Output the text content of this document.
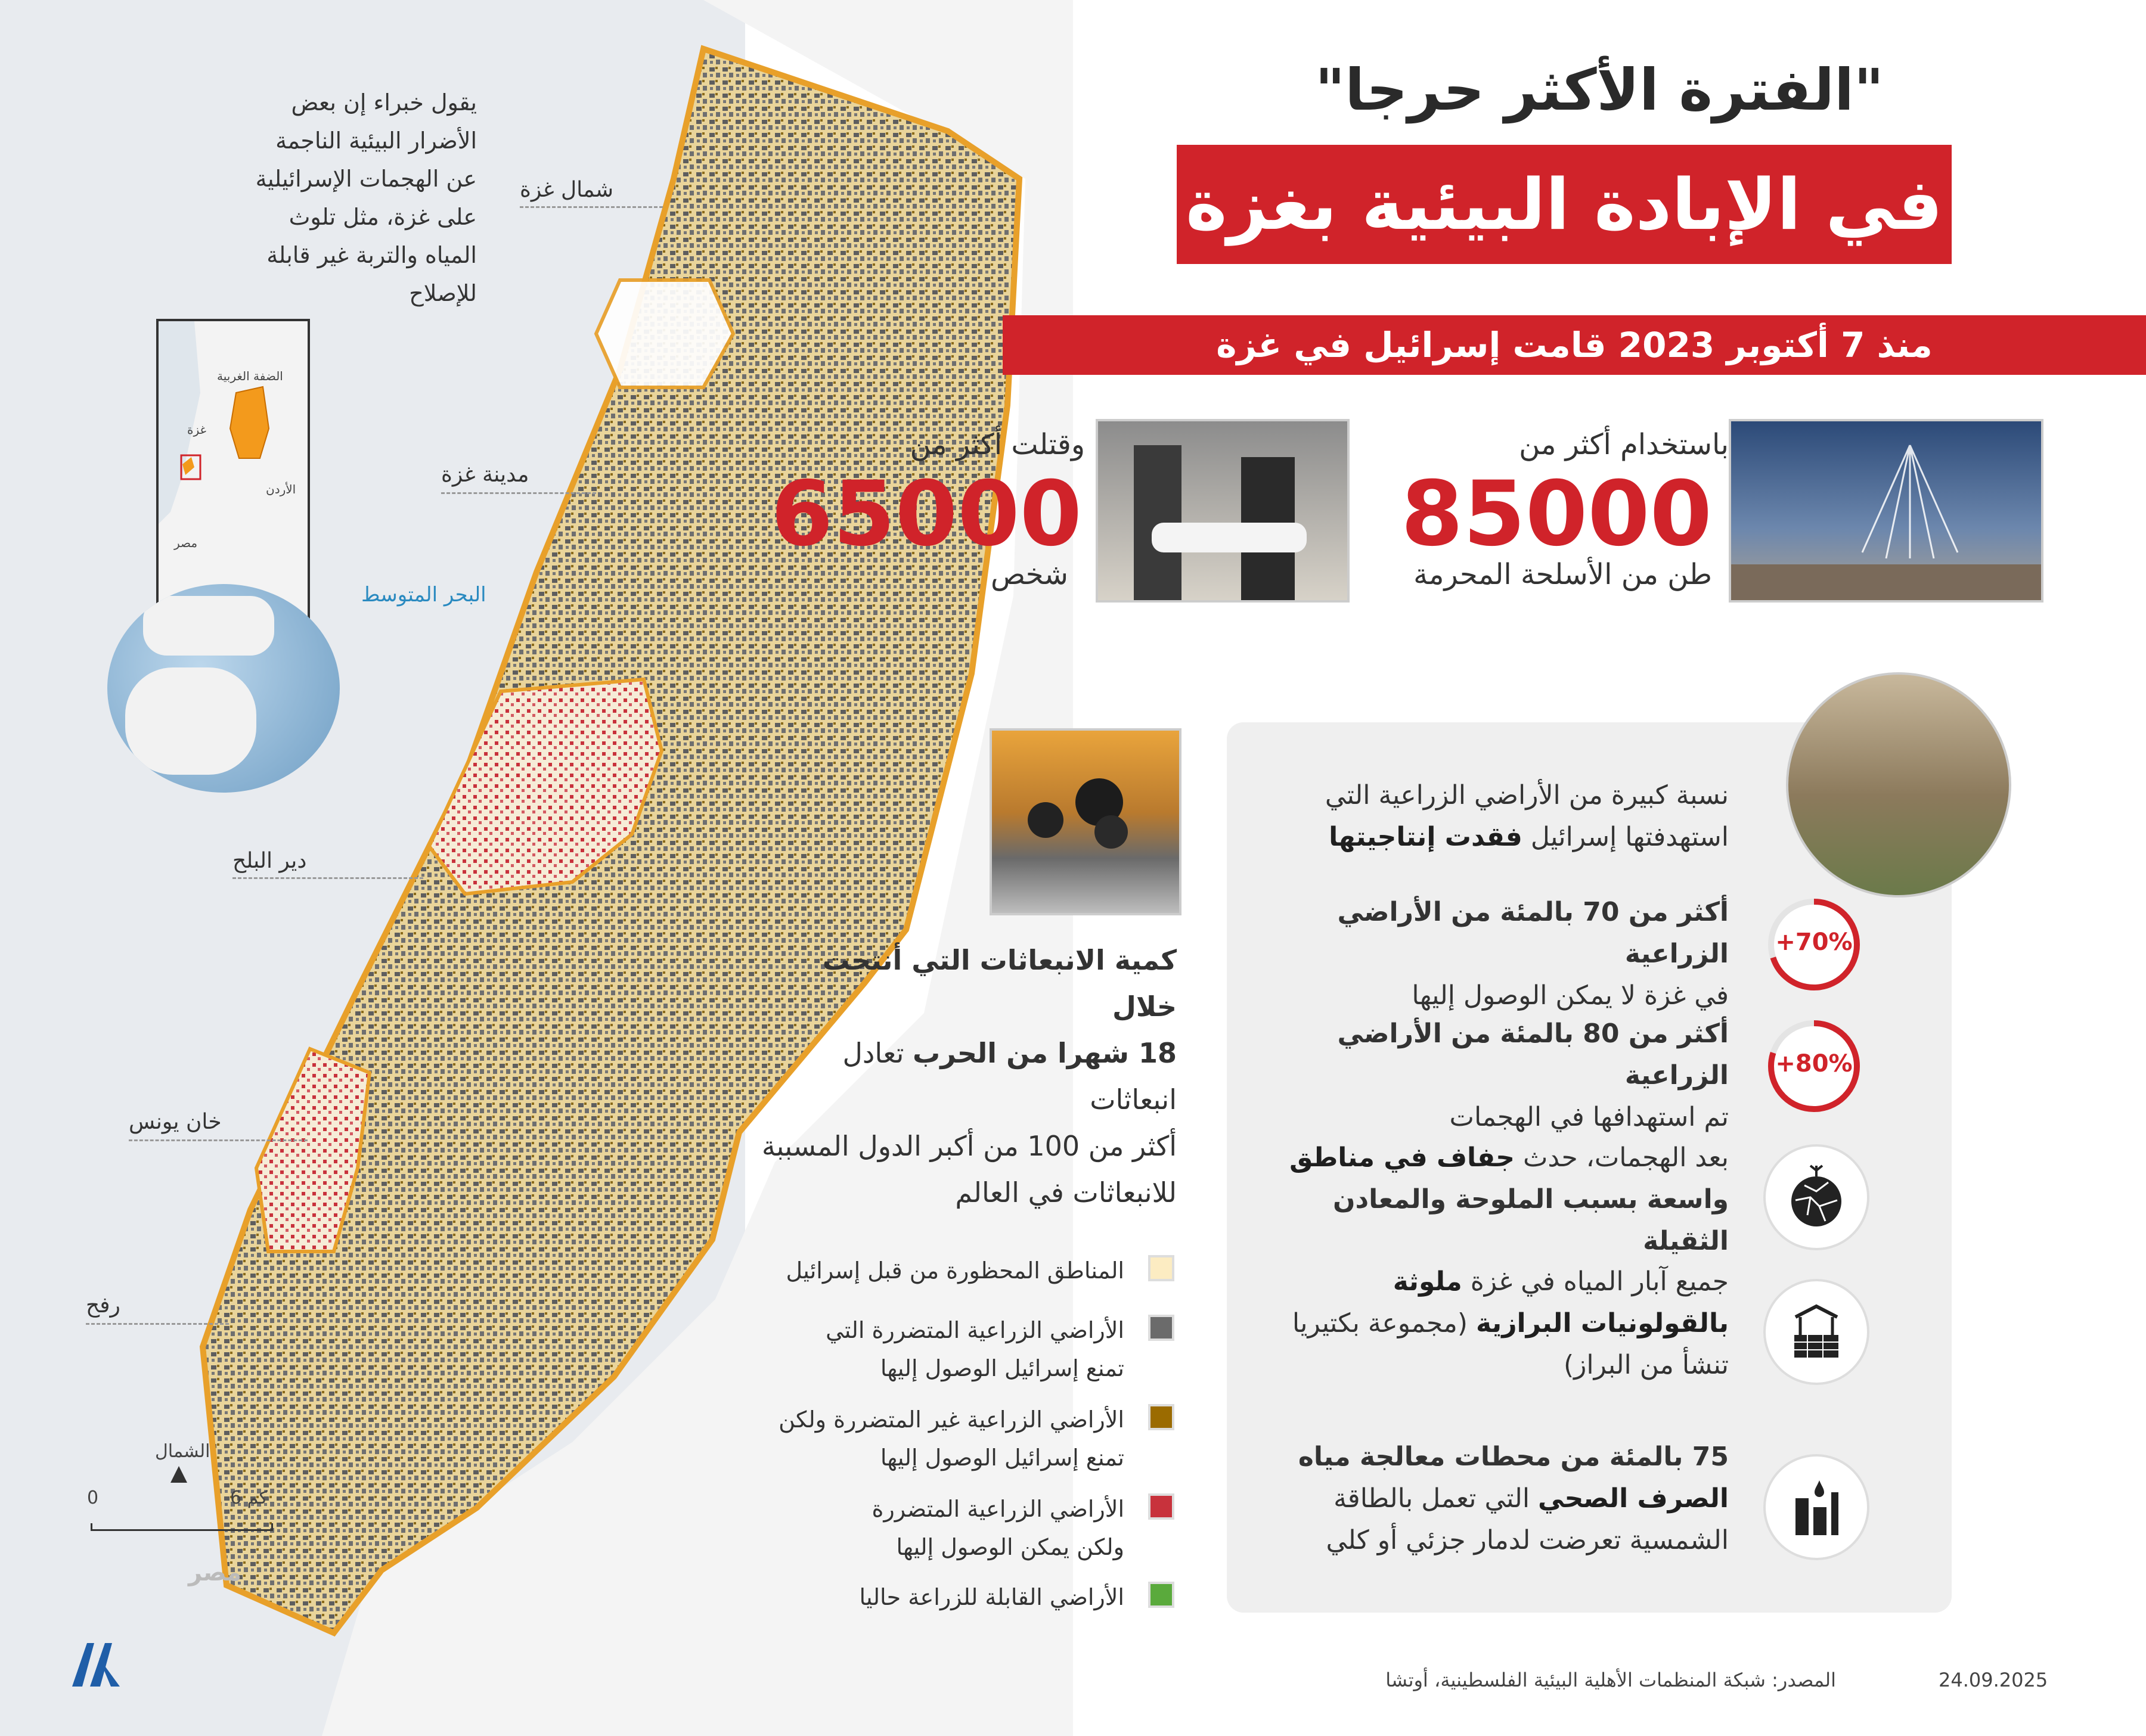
يقول خبراء إن بعض الأضرار البيئية الناجمة عن الهجمات الإسرائيلية على غزة، مثل تلوث المياه والتربة غير قابلة للإصلاح
شمال غزة
مدينة غزة
البحر المتوسط
دير البلح
خان يونس
رفح
الضفة الغربية
غزة
الأردن
مصر
الشمال
6 كم
0
مصر
"الفترة الأكثر حرجا"
في الإبادة البيئية بغزة
منذ 7 أكتوبر 2023 قامت إسرائيل في غزة
باستخدام أكثر من
85000
طن من الأسلحة المحرمة
وقتلت أكثر من
65000
شخص
كمية الانبعاثات التي أنتجت خلال
18 شهرا من الحرب تعادل انبعاثات
أكثر من 100 من أكبر الدول المسببة
للانبعاثات في العالم
المناطق المحظورة من قبل إسرائيل
الأراضي الزراعية المتضررة التي
تمنع إسرائيل الوصول إليها
الأراضي الزراعية غير المتضررة ولكن
تمنع إسرائيل الوصول إليها
الأراضي الزراعية المتضررة
ولكن يمكن الوصول إليها
الأراضي القابلة للزراعة حاليا
نسبة كبيرة من الأراضي الزراعية التي
استهدفتها إسرائيل فقدت إنتاجيتها
+70%
أكثر من 70 بالمئة من الأراضي الزراعية
في غزة لا يمكن الوصول إليها
+80%
أكثر من 80 بالمئة من الأراضي الزراعية
تم استهدافها في الهجمات
بعد الهجمات، حدث جفاف في مناطق
واسعة بسبب الملوحة والمعادن الثقيلة
جميع آبار المياه في غزة ملوثة
بالقولونيات البرازية (مجموعة بكتيريا
تنشأ من البراز)
75 بالمئة من محطات معالجة مياه
الصرف الصحي التي تعمل بالطاقة
الشمسية تعرضت لدمار جزئي أو كلي
المصدر: شبكة المنظمات الأهلية البيئية الفلسطينية، أوتشا	24.09.2025
